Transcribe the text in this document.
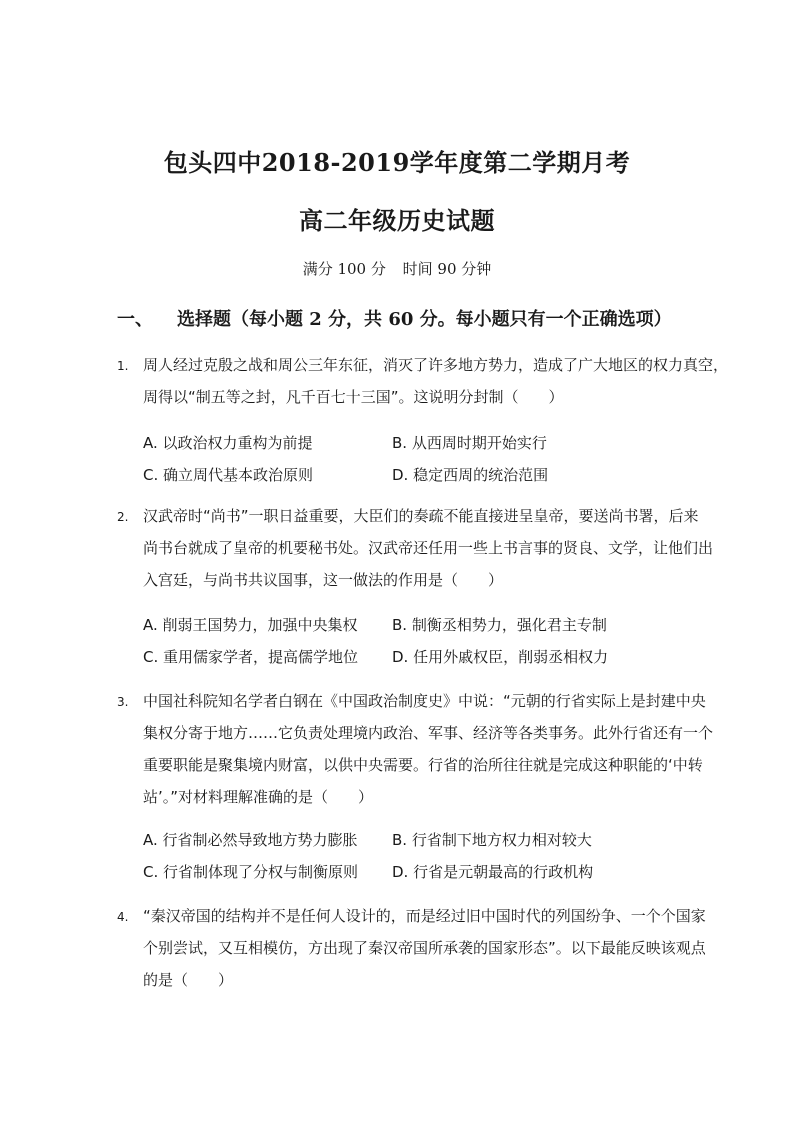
包头四中2018-2019学年度第二学期月考
高二年级历史试题
满分 100 分 时间 90 分钟
一、 选择题（每小题 2 分，共 60 分。每小题只有一个正确选项）
1. 周人经过克殷之战和周公三年东征，消灭了许多地方势力，造成了广大地区的权力真空，
周得以“制五等之封，凡千百七十三国”。这说明分封制（　　）
A. 以政治权力重构为前提	B. 从西周时期开始实行
C. 确立周代基本政治原则	D. 稳定西周的统治范围
2. 汉武帝时“尚书”一职日益重要，大臣们的奏疏不能直接进呈皇帝，要送尚书署，后来
尚书台就成了皇帝的机要秘书处。汉武帝还任用一些上书言事的贤良、文学，让他们出
入宫廷，与尚书共议国事，这一做法的作用是（　　）
A. 削弱王国势力，加强中央集权 B. 制衡丞相势力，强化君主专制
C. 重用儒家学者，提高儒学地位 D. 任用外戚权臣，削弱丞相权力
3. 中国社科院知名学者白钢在《中国政治制度史》中说：“元朝的行省实际上是封建中央
集权分寄于地方……它负责处理境内政治、军事、经济等各类事务。此外行省还有一个
重要职能是聚集境内财富，以供中央需要。行省的治所往往就是完成这种职能的‘中转
站’。”对材料理解准确的是（　　）
A. 行省制必然导致地方势力膨胀 B. 行省制下地方权力相对较大
C. 行省制体现了分权与制衡原则 D. 行省是元朝最高的行政机构
4. “秦汉帝国的结构并不是任何人设计的，而是经过旧中国时代的列国纷争、一个个国家
个别尝试，又互相模仿，方出现了秦汉帝国所承袭的国家形态”。以下最能反映该观点
的是（　　）
